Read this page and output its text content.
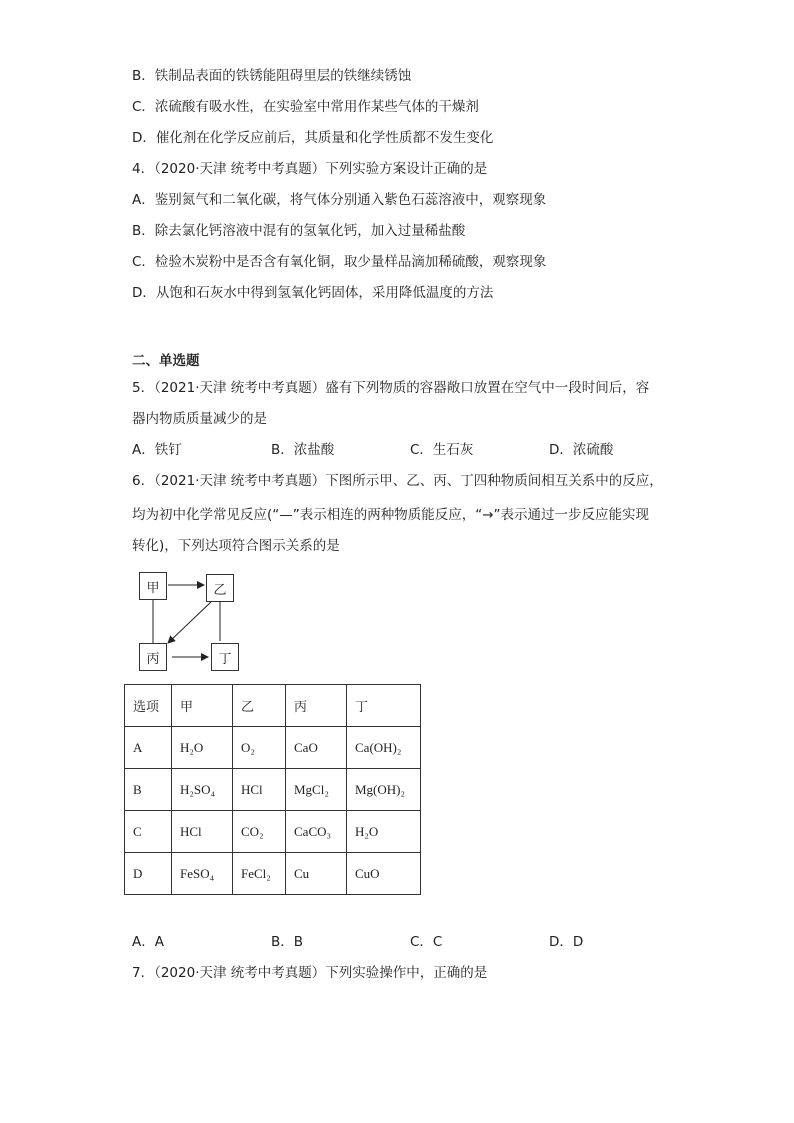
B．铁制品表面的铁锈能阻碍里层的铁继续锈蚀
C．浓硫酸有吸水性，在实验室中常用作某些气体的干燥剂
D．催化剂在化学反应前后，其质量和化学性质都不发生变化
4．（2020·天津 统考中考真题）下列实验方案设计正确的是
A．鉴别氮气和二氧化碳，将气体分别通入紫色石蕊溶液中，观察现象
B．除去氯化钙溶液中混有的氢氧化钙，加入过量稀盐酸
C．检验木炭粉中是否含有氧化铜，取少量样品滴加稀硫酸，观察现象
D．从饱和石灰水中得到氢氧化钙固体，采用降低温度的方法
二、单选题
5．（2021·天津 统考中考真题）盛有下列物质的容器敞口放置在空气中一段时间后，容
器内物质质量减少的是
A．铁钉	B．浓盐酸	C．生石灰	D．浓硫酸
6．（2021·天津 统考中考真题）下图所示甲、乙、丙、丁四种物质间相互关系中的反应，
均为初中化学常见反应(“—”表示相连的两种物质能反应，“→”表示通过一步反应能实现
转化)，下列达项符合图示关系的是
甲	乙
丙	丁
选项	甲	乙	丙	丁
A	H₂O	O₂	CaO	Ca(OH)₂
B	H₂SO₄	HCl	MgCl₂	Mg(OH)₂
C	HCl	CO₂	CaCO₃	H₂O
D	FeSO₄	FeCl₂	Cu	CuO
A．A	B．B	C．C	D．D
7．（2020·天津 统考中考真题）下列实验操作中，正确的是
